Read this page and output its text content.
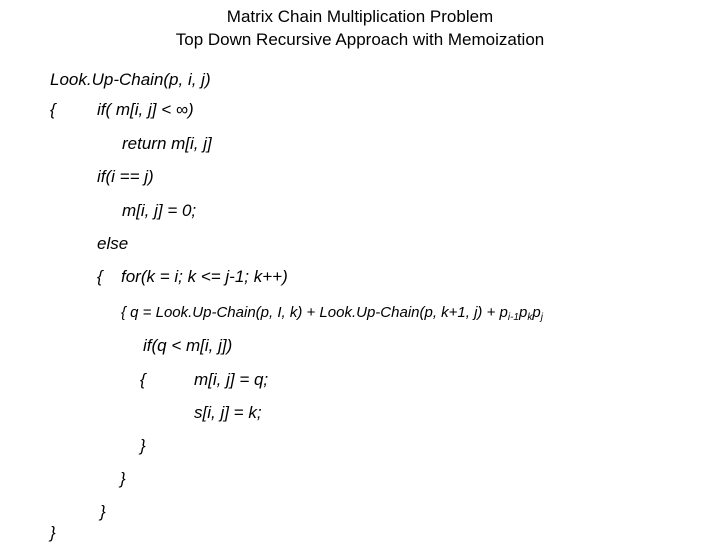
Matrix Chain Multiplication Problem

Top Down Recursive Approach with Memoization

Look.Up-Chain(p, i, j)
{ if( m[i, j] < ∞)
return m[i, j]
if(i == j)
m[i, j] = 0;
else
{ for(k = i; k <= j-1; k++)
{ q = Look.Up-Chain(p, I, k) + Look.Up-Chain(p, k+1, $j) + p_{i-1}p_kp_j$
if(q < m[i, j])
{	m[i, j] = q;
s[i, j] = k;
}
}
}
}
